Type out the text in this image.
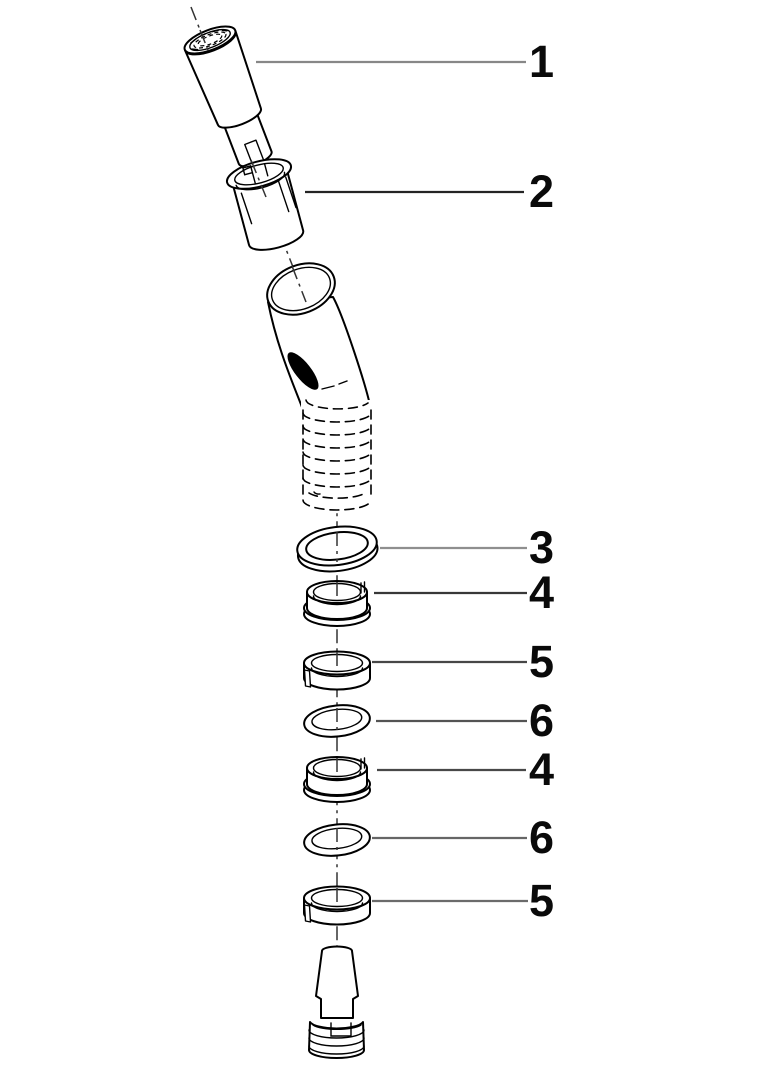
1
2
3
4
5
6
4
6
5
